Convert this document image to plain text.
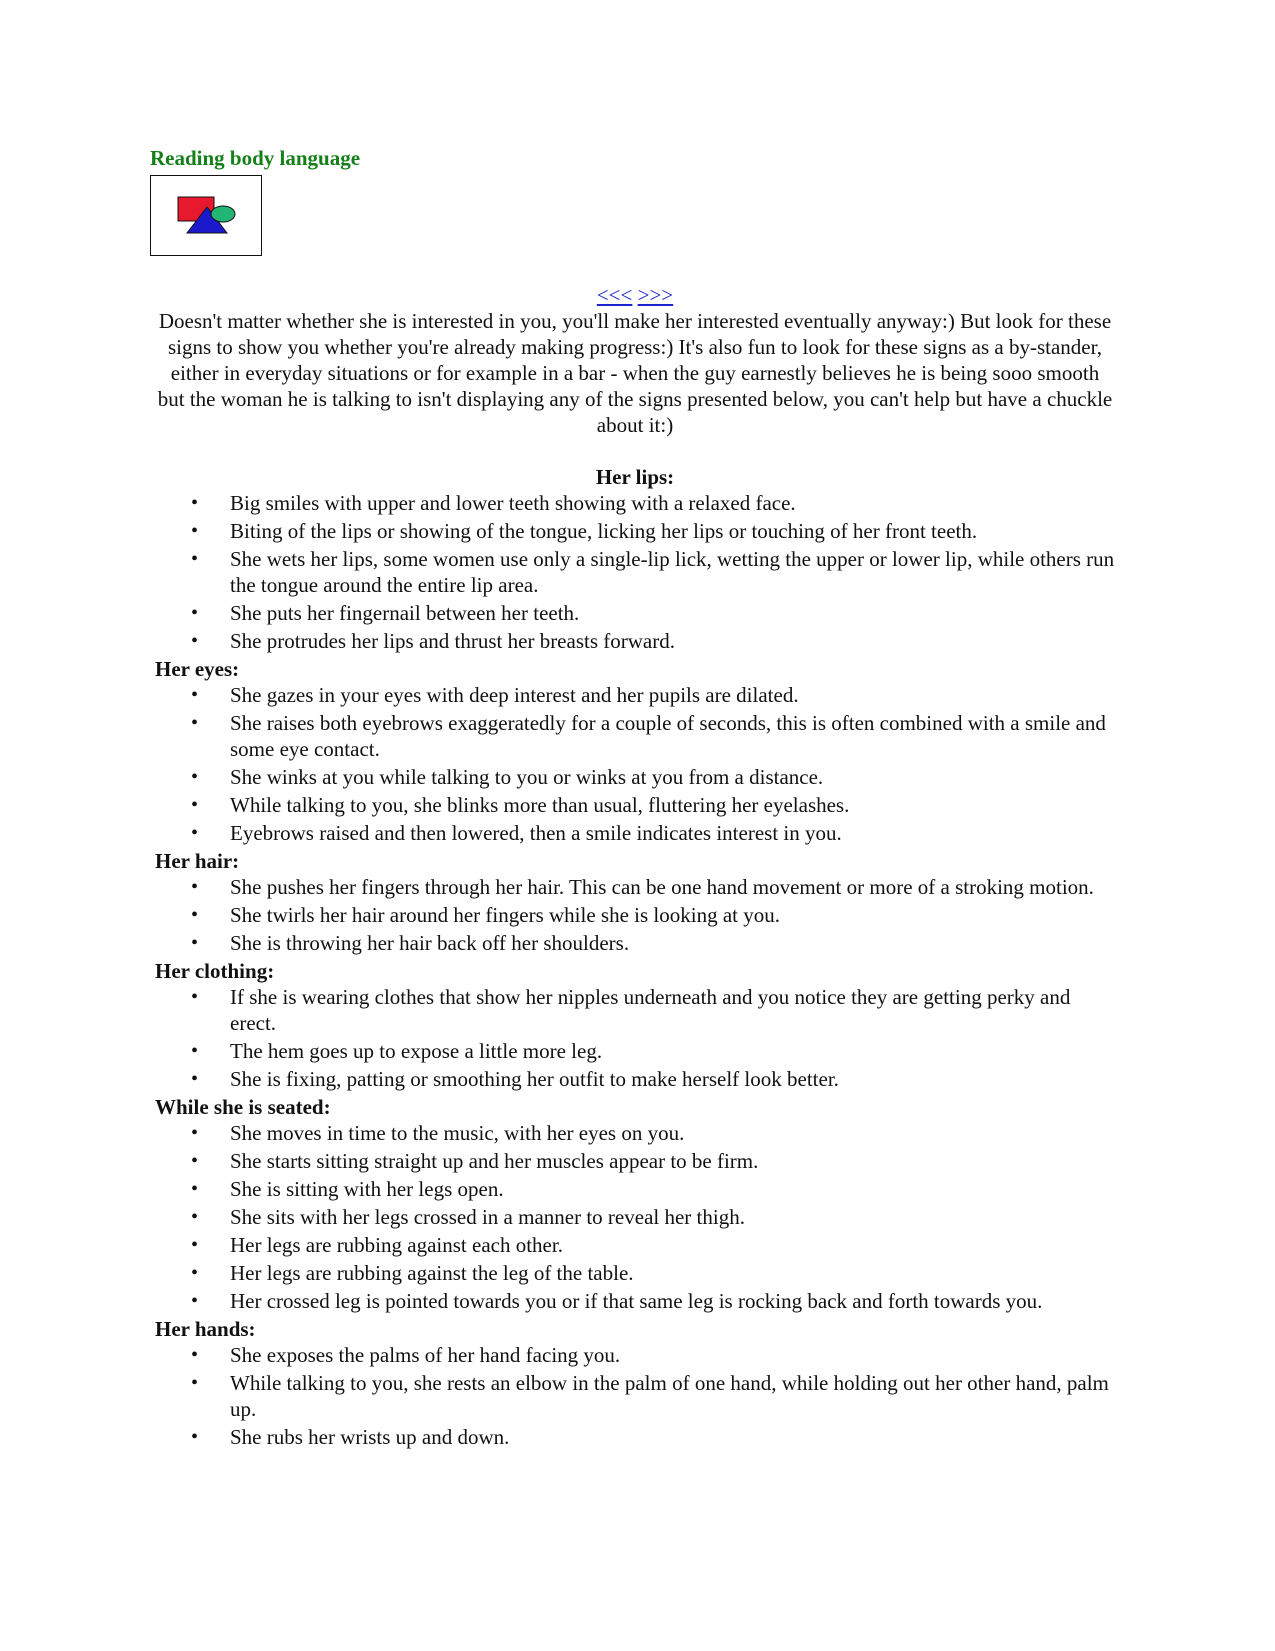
Reading body language
<<< >>>

Doesn't matter whether she is interested in you, you'll make her interested eventually anyway:) But look for these signs to show you whether you're already making progress:) It's also fun to look for these signs as a by-stander, either in everyday situations or for example in a bar - when the guy earnestly believes he is being sooo smooth but the woman he is talking to isn't displaying any of the signs presented below, you can't help but have a chuckle about it:)

Her lips:
• Big smiles with upper and lower teeth showing with a relaxed face.
• Biting of the lips or showing of the tongue, licking her lips or touching of her front teeth.
• She wets her lips, some women use only a single-lip lick, wetting the upper or lower lip, while others run the tongue around the entire lip area.
• She puts her fingernail between her teeth.
• She protrudes her lips and thrust her breasts forward.
Her eyes:
• She gazes in your eyes with deep interest and her pupils are dilated.
• She raises both eyebrows exaggeratedly for a couple of seconds, this is often combined with a smile and some eye contact.
• She winks at you while talking to you or winks at you from a distance.
• While talking to you, she blinks more than usual, fluttering her eyelashes.
• Eyebrows raised and then lowered, then a smile indicates interest in you.
Her hair:
• She pushes her fingers through her hair. This can be one hand movement or more of a stroking motion.
• She twirls her hair around her fingers while she is looking at you.
• She is throwing her hair back off her shoulders.
Her clothing:
• If she is wearing clothes that show her nipples underneath and you notice they are getting perky and erect.
• The hem goes up to expose a little more leg.
• She is fixing, patting or smoothing her outfit to make herself look better.
While she is seated:
• She moves in time to the music, with her eyes on you.
• She starts sitting straight up and her muscles appear to be firm.
• She is sitting with her legs open.
• She sits with her legs crossed in a manner to reveal her thigh.
• Her legs are rubbing against each other.
• Her legs are rubbing against the leg of the table.
• Her crossed leg is pointed towards you or if that same leg is rocking back and forth towards you.
Her hands:
• She exposes the palms of her hand facing you.
• While talking to you, she rests an elbow in the palm of one hand, while holding out her other hand, palm up.
• She rubs her wrists up and down.
